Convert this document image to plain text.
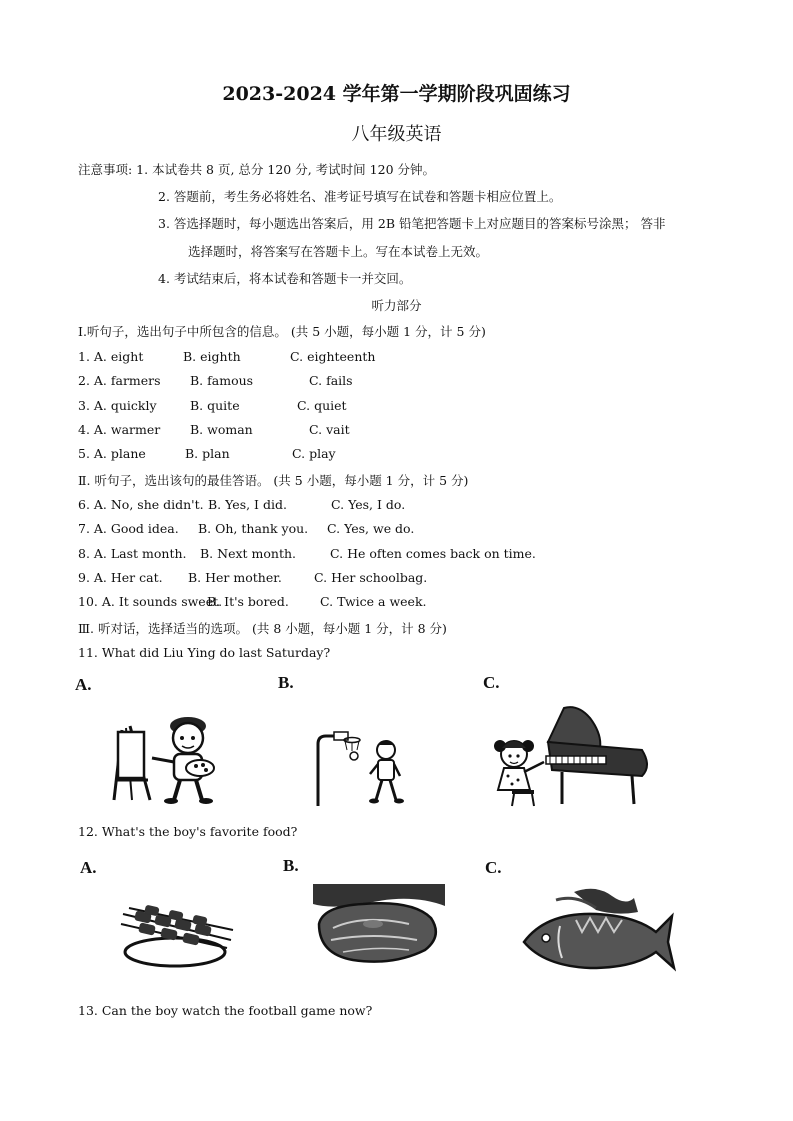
2023-2024 学年第一学期阶段巩固练习
八年级英语
注意事项: 1. 本试卷共 8 页, 总分 120 分, 考试时间 120 分钟。
2. 答题前，考生务必将姓名、准考证号填写在试卷和答题卡相应位置上。
3. 答选择题时，每小题选出答案后，用 2B 铅笔把答题卡上对应题目的答案标号涂黑； 答非
选择题时，将答案写在答题卡上。写在本试卷上无效。
4. 考试结束后，将本试卷和答题卡一并交回。
听力部分
I.听句子，选出句子中所包含的信息。 (共 5 小题，每小题 1 分，计 5 分)
1. A. eight	B. eighth	C. eighteenth
2. A. farmers B. famous	C. fails
3. A. quickly	B. quite	C. quiet
4. A. warmer B. woman	C. vait
5. A. plane	B. plan	C. play
Ⅱ. 听句子，选出该句的最佳答语。 (共 5 小题，每小题 1 分，计 5 分)
6. A. No, she didn't. B. Yes, I did.	C. Yes, I do.
7. A. Good idea. B. Oh, thank you. C. Yes, we do.
8. A. Last month. B. Next month.	C. He often comes back on time.
9. A. Her cat. B. Her mother.	C. Her schoolbag.
10. A. It sounds sweet.
B. It's bored. C. Twice a week.
Ⅲ. 听对话，选择适当的选项。 (共 8 小题，每小题 1 分，计 8 分)
11. What did Liu Ying do last Saturday?
A.	B.	C.
12. What's the boy's favorite food?
A.	B.	C.
13. Can the boy watch the football game now?
